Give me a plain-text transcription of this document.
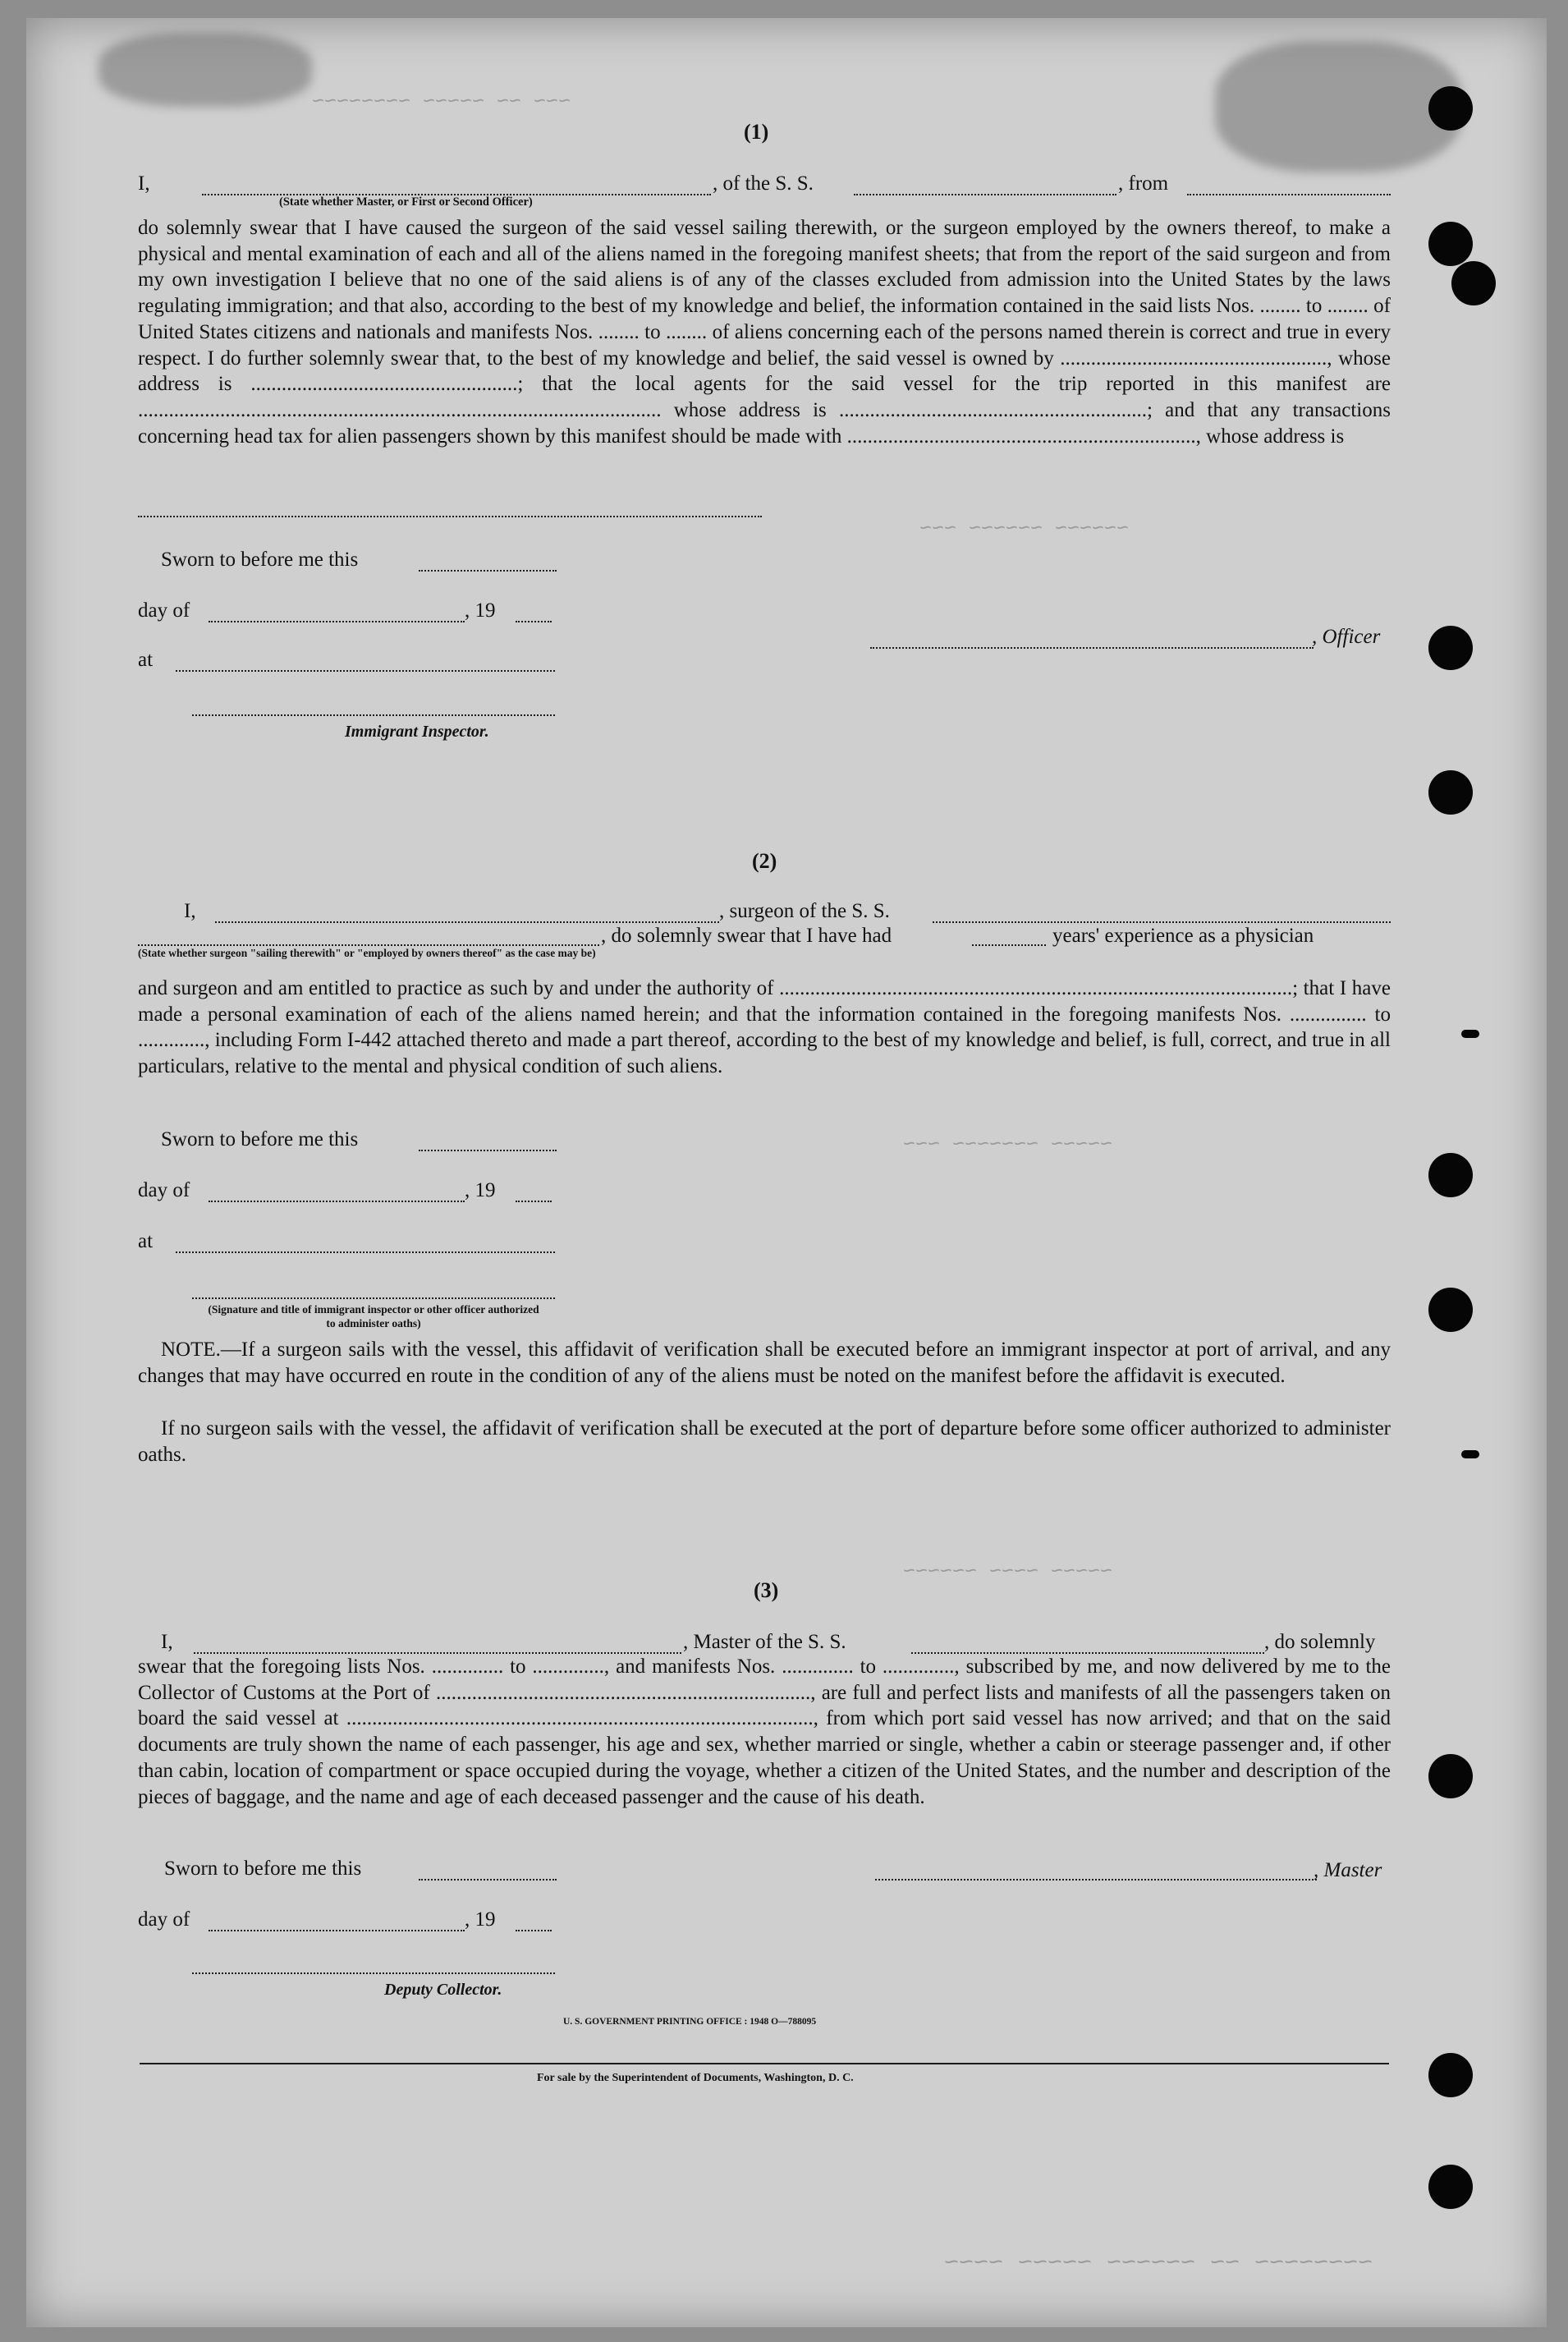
~~~ ~~ ~~~~~ ~~~~~~~~
~~~~~~ ~~~~~~ ~~~
~~~~~ ~~~~~~~ ~~~
~~~~~ ~~~~ ~~~~~~
~~~~~~~~ ~~ ~~~~~~ ~~~~~ ~~~~
(1)
I,	, of the S. S.	, from
(State whether Master, or First or Second Officer)
do solemnly swear that I have caused the surgeon of the said vessel sailing therewith, or the surgeon employed by the owners thereof, to make a physical and mental examination of each and all of the aliens named in the foregoing manifest sheets; that from the report of the said surgeon and from my own investigation I believe that no one of the said aliens is of any of the classes excluded from admission into the United States by the laws regulating immigration; and that also, according to the best of my knowledge and belief, the information contained in the said lists Nos. ........ to ........ of United States citizens and nationals and manifests Nos. ........ to ........ of aliens concerning each of the persons named therein is correct and true in every respect. I do further solemnly swear that, to the best of my knowledge and belief, the said vessel is owned by ...................................................., whose address is ....................................................; that the local agents for the said vessel for the trip reported in this manifest are ...................................................................................................... whose address is ............................................................; and that any transactions concerning head tax for alien passengers shown by this manifest should be made with ...................................................................., whose address is
Sworn to before me this
day of	, 19
, Officer
at
Immigrant Inspector.
(2)
I,	, surgeon of the S. S.
, do solemnly swear that I have had	years' experience as a physician
(State whether surgeon "sailing therewith" or "employed by owners thereof" as the case may be)
and surgeon and am entitled to practice as such by and under the authority of ....................................................................................................; that I have made a personal examination of each of the aliens named herein; and that the information contained in the foregoing manifests Nos. ............... to ............., including Form I-442 attached thereto and made a part thereof, according to the best of my knowledge and belief, is full, correct, and true in all particulars, relative to the mental and physical condition of such aliens.
Sworn to before me this
day of	, 19
at
(Signature and title of immigrant inspector or other officer authorized to administer oaths)
NOTE.—If a surgeon sails with the vessel, this affidavit of verification shall be executed before an immigrant inspector at port of arrival, and any changes that may have occurred en route in the condition of any of the aliens must be noted on the manifest before the affidavit is executed.
If no surgeon sails with the vessel, the affidavit of verification shall be executed at the port of departure before some officer authorized to administer oaths.
(3)
I,	, Master of the S. S.	, do solemnly
swear that the foregoing lists Nos. .............. to .............., and manifests Nos. .............. to .............., subscribed by me, and now delivered by me to the Collector of Customs at the Port of ........................................................................., are full and perfect lists and manifests of all the passengers taken on board the said vessel at ..........................................................................................., from which port said vessel has now arrived; and that on the said documents are truly shown the name of each passenger, his age and sex, whether married or single, whether a cabin or steerage passenger and, if other than cabin, location of compartment or space occupied during the voyage, whether a citizen of the United States, and the number and description of the pieces of baggage, and the name and age of each deceased passenger and the cause of his death.
Sworn to before me this	, Master
day of	, 19
Deputy Collector.
U. S. GOVERNMENT PRINTING OFFICE : 1948 O—788095
For sale by the Superintendent of Documents, Washington, D. C.
